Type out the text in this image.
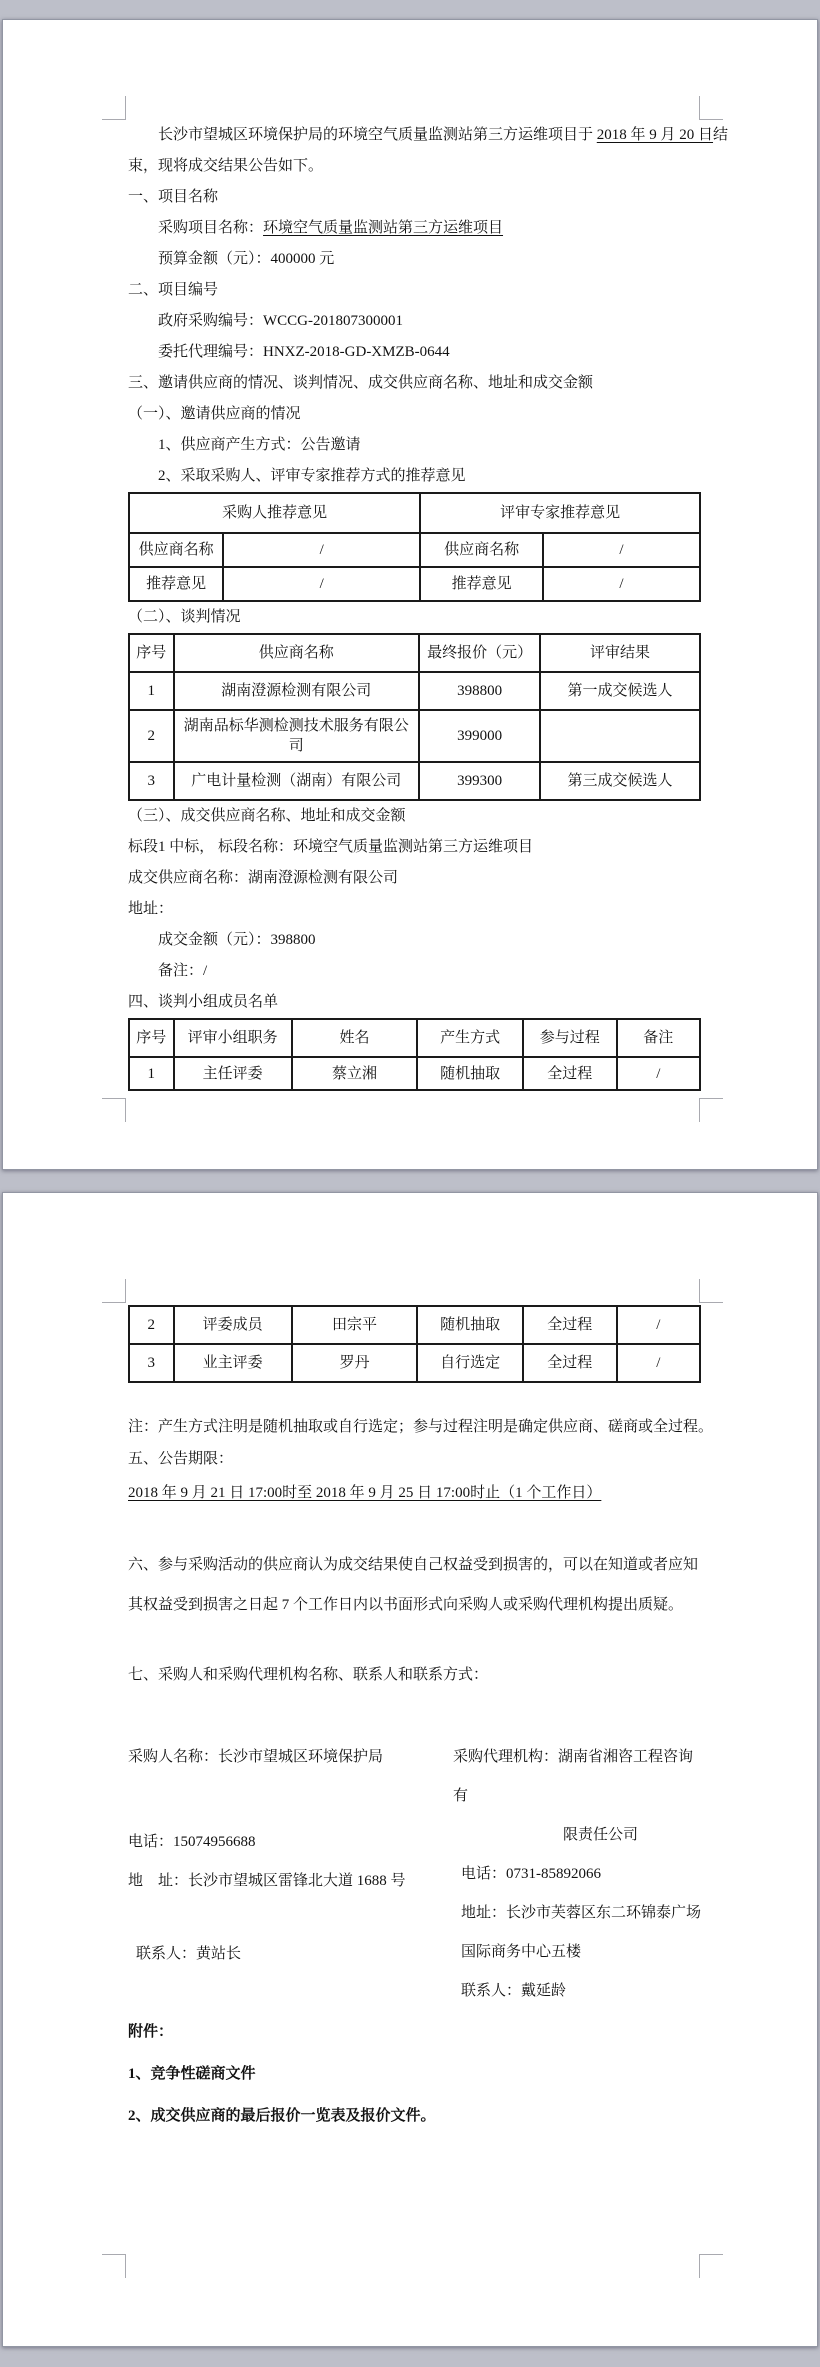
长沙市望城区环境保护局的环境空气质量监测站第三方运维项目于 2018 年 9 月 20 日结
束，现将成交结果公告如下。
一、项目名称
采购项目名称：环境空气质量监测站第三方运维项目
预算金额（元）：400000 元
二、项目编号
政府采购编号：WCCG-201807300001
委托代理编号：HNXZ-2018-GD-XMZB-0644
三、邀请供应商的情况、谈判情况、成交供应商名称、地址和成交金额
（一）、邀请供应商的情况
1、供应商产生方式：公告邀请
2、采取采购人、评审专家推荐方式的推荐意见
采购人推荐意见		评审专家推荐意见	
供应商名称	/	供应商名称	/
推荐意见	/	推荐意见	/
（二）、谈判情况
序号	供应商名称	最终报价（元）	评审结果
1	湖南澄源检测有限公司	398800	第一成交候选人
2	湖南品标华测检测技术服务有限公司	399000	
3	广电计量检测（湖南）有限公司	399300	第三成交候选人
（三）、成交供应商名称、地址和成交金额
标段1 中标， 标段名称：环境空气质量监测站第三方运维项目
成交供应商名称：湖南澄源检测有限公司
地址：
成交金额（元）：398800
备注：/
四、谈判小组成员名单
序号	评审小组职务	姓名	产生方式	参与过程	备注
1	主任评委	蔡立湘	随机抽取	全过程	/
2	评委成员	田宗平	随机抽取	全过程	/
3	业主评委	罗丹	自行选定	全过程	/
注：产生方式注明是随机抽取或自行选定；参与过程注明是确定供应商、磋商或全过程。
五、公告期限：
2018 年 9 月 21 日 17:00时至 2018 年 9 月 25 日 17:00时止（1 个工作日）
六、参与采购活动的供应商认为成交结果使自己权益受到损害的，可以在知道或者应知其权益受到损害之日起 7 个工作日内以书面形式向采购人或采购代理机构提出质疑。
七、采购人和采购代理机构名称、联系人和联系方式：
采购人名称：长沙市望城区环境保护局
电话：15074956688
地　址：长沙市望城区雷锋北大道 1688 号
联系人：黄站长
采购代理机构：湖南省湘咨工程咨询有
限责任公司
电话：0731-85892066
地址：长沙市芙蓉区东二环锦泰广场
国际商务中心五楼
联系人：戴延龄
附件：
1、竞争性磋商文件
2、成交供应商的最后报价一览表及报价文件。
